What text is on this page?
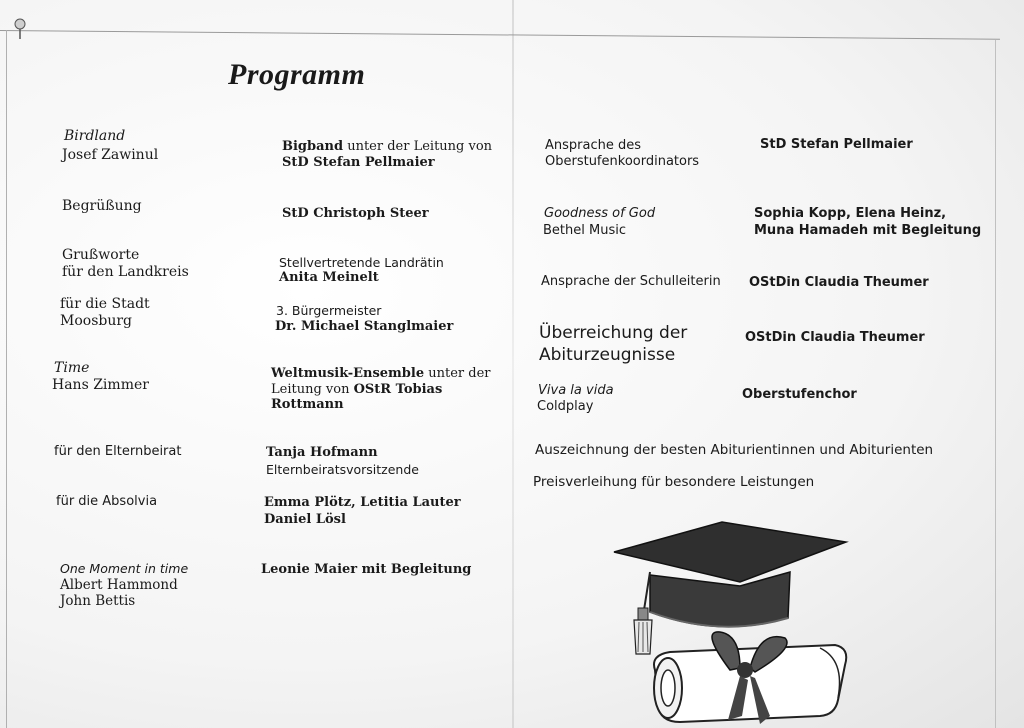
Programm
Birdland
Josef Zawinul
Begrüßung
Grußworte
für den Landkreis
für die Stadt
Moosburg
Time
Hans Zimmer
für den Elternbeirat
für die Absolvia
One Moment in time
Albert Hammond
John Bettis
Bigband unter der Leitung von
StD Stefan Pellmaier
StD Christoph Steer
Stellvertretende Landrätin
Anita Meinelt
3. Bürgermeister
Dr. Michael Stanglmaier
Weltmusik-Ensemble unter der
Leitung von OStR Tobias
Rottmann
Tanja Hofmann
Elternbeiratsvorsitzende
Emma Plötz, Letitia Lauter
Daniel Lösl
Leonie Maier mit Begleitung
Ansprache des
Oberstufenkoordinators
Goodness of God
Bethel Music
Ansprache der Schulleiterin
Überreichung der
Abiturzeugnisse
Viva la vida
Coldplay
Auszeichnung der besten Abiturientinnen und Abiturienten
Preisverleihung für besondere Leistungen
StD Stefan Pellmaier
Sophia Kopp, Elena Heinz,
Muna Hamadeh mit Begleitung
OStDin Claudia Theumer
OStDin Claudia Theumer
Oberstufenchor
